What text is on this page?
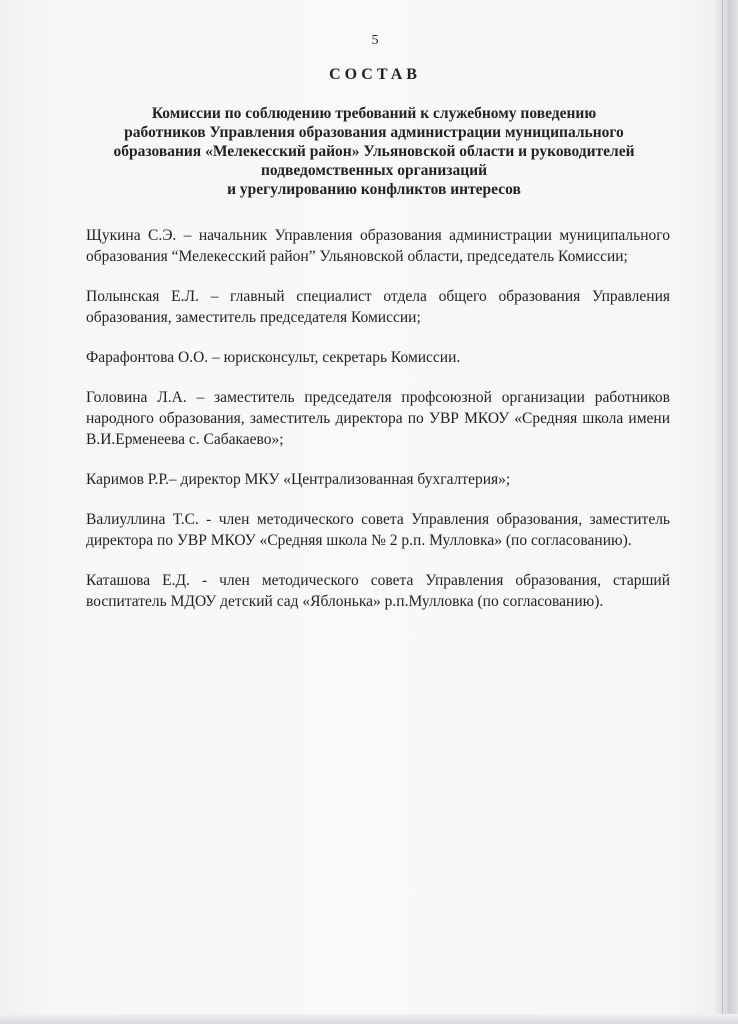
5
СОСТАВ
Комиссии по соблюдению требований к служебному поведению
работников Управления образования администрации муниципального
образования «Мелекесский район» Ульяновской области и руководителей
подведомственных организаций
и урегулированию конфликтов интересов

Щукина С.Э. – начальник Управления образования администрации муниципального образования “Мелекесский район” Ульяновской области, председатель Комиссии;

Полынская Е.Л. – главный специалист отдела общего образования Управления образования, заместитель председателя Комиссии;

Фарафонтова О.О. – юрисконсульт, секретарь Комиссии.

Головина Л.А. – заместитель председателя профсоюзной организации работников народного образования, заместитель директора по УВР МКОУ «Средняя школа имени В.И.Ерменеева с. Сабакаево»;

Каримов Р.Р.– директор МКУ «Централизованная бухгалтерия»;

Валиуллина Т.С. - член методического совета Управления образования, заместитель директора по УВР МКОУ «Средняя школа № 2 р.п. Мулловка» (по согласованию).

Каташова Е.Д. - член методического совета Управления образования, старший воспитатель МДОУ детский сад «Яблонька» р.п.Мулловка (по согласованию).
